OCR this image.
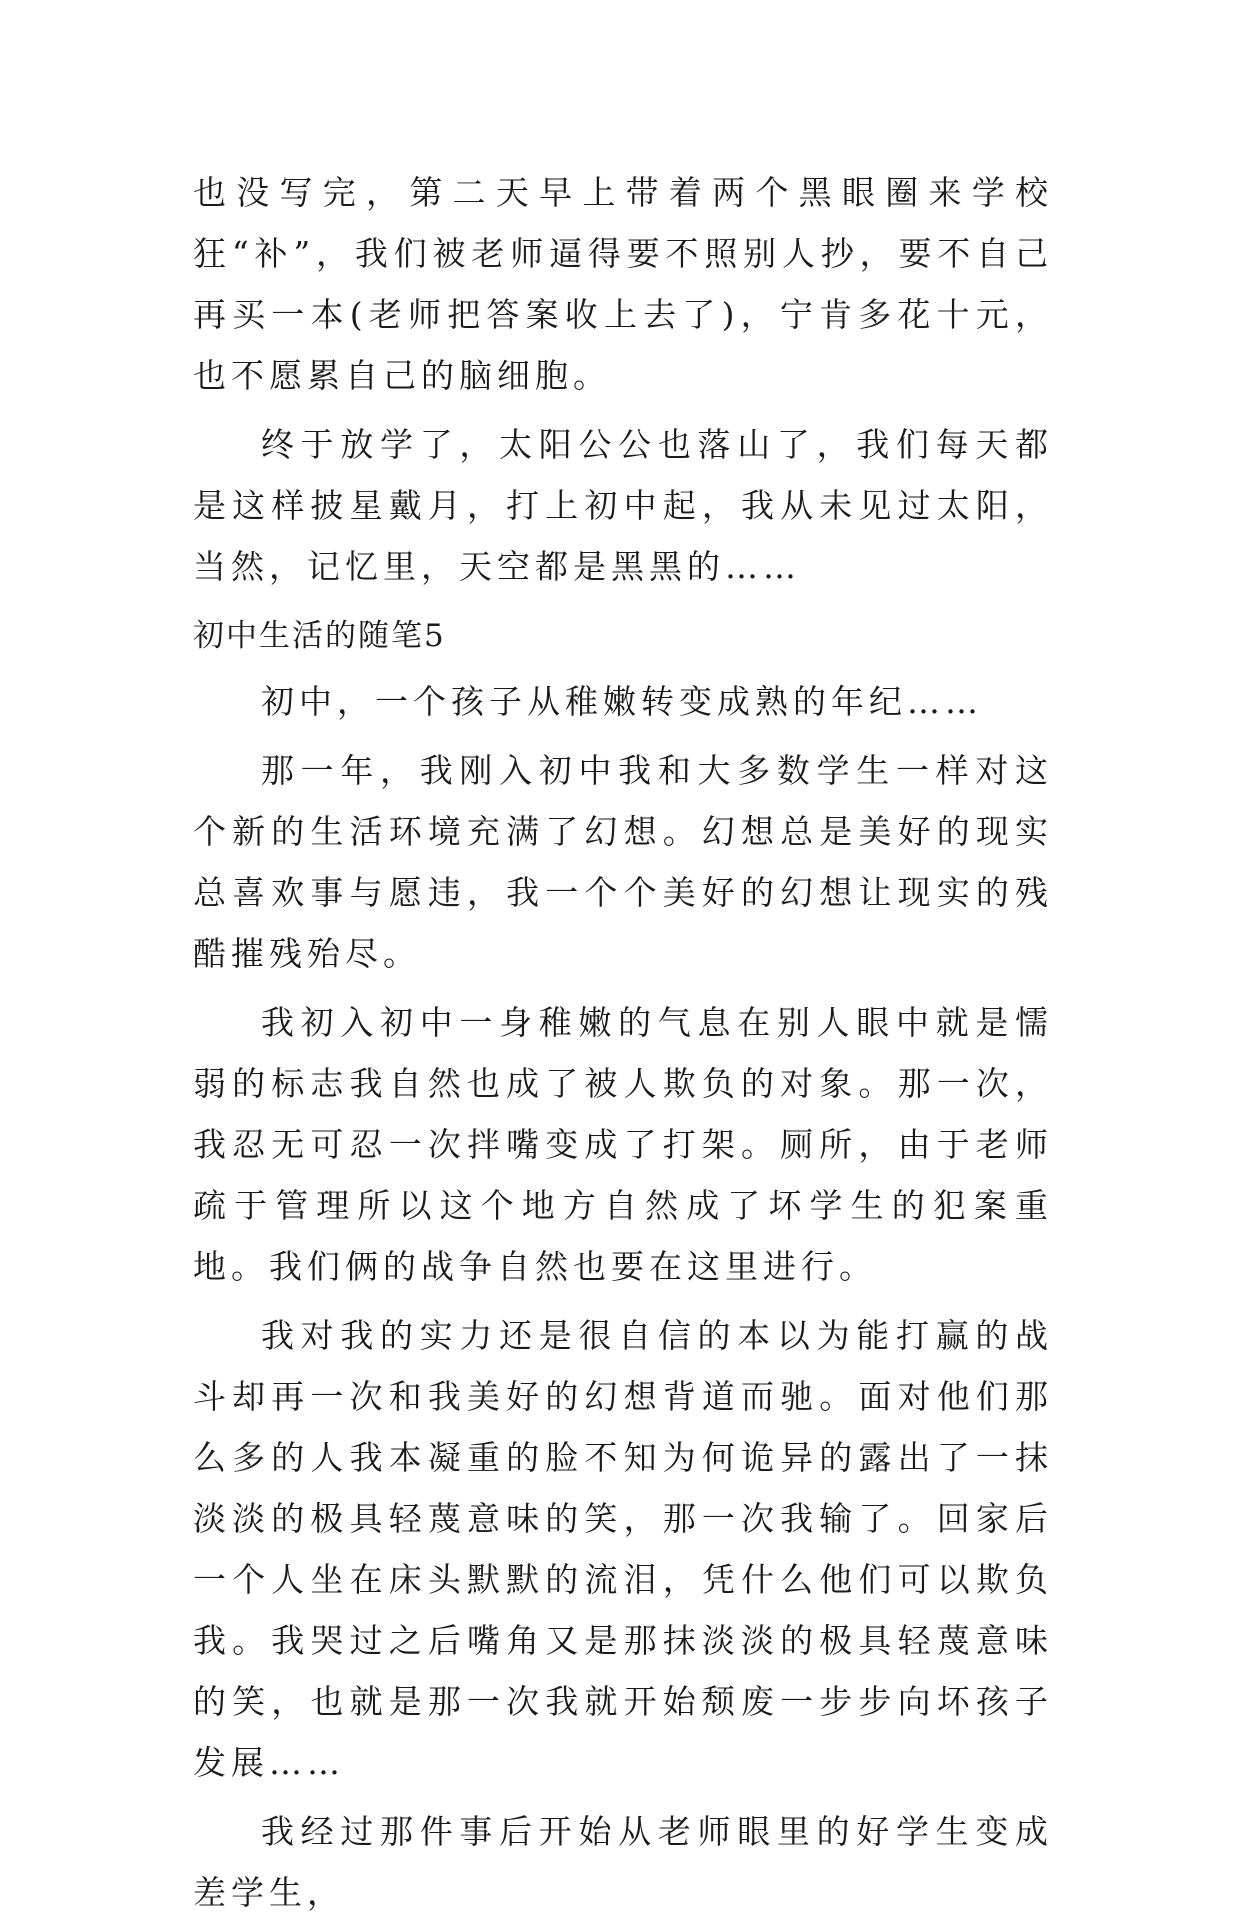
也没写完，第二天早上带着两个黑眼圈来学校狂“补”，我们被老师逼得要不照别人抄，要不自己再买一本(老师把答案收上去了)，宁肯多花十元，也不愿累自己的脑细胞。

终于放学了，太阳公公也落山了，我们每天都是这样披星戴月，打上初中起，我从未见过太阳，当然，记忆里，天空都是黑黑的……

初中生活的随笔5

初中，一个孩子从稚嫩转变成熟的年纪……

那一年，我刚入初中我和大多数学生一样对这个新的生活环境充满了幻想。幻想总是美好的现实总喜欢事与愿违，我一个个美好的幻想让现实的残酷摧残殆尽。

我初入初中一身稚嫩的气息在别人眼中就是懦弱的标志我自然也成了被人欺负的对象。那一次，我忍无可忍一次拌嘴变成了打架。厕所，由于老师疏于管理所以这个地方自然成了坏学生的犯案重地。我们俩的战争自然也要在这里进行。

我对我的实力还是很自信的本以为能打赢的战斗却再一次和我美好的幻想背道而驰。面对他们那么多的人我本凝重的脸不知为何诡异的露出了一抹淡淡的极具轻蔑意味的笑，那一次我输了。回家后一个人坐在床头默默的流泪，凭什么他们可以欺负我。我哭过之后嘴角又是那抹淡淡的极具轻蔑意味的笑，也就是那一次我就开始颓废一步步向坏孩子发展……

我经过那件事后开始从老师眼里的好学生变成差学生，
